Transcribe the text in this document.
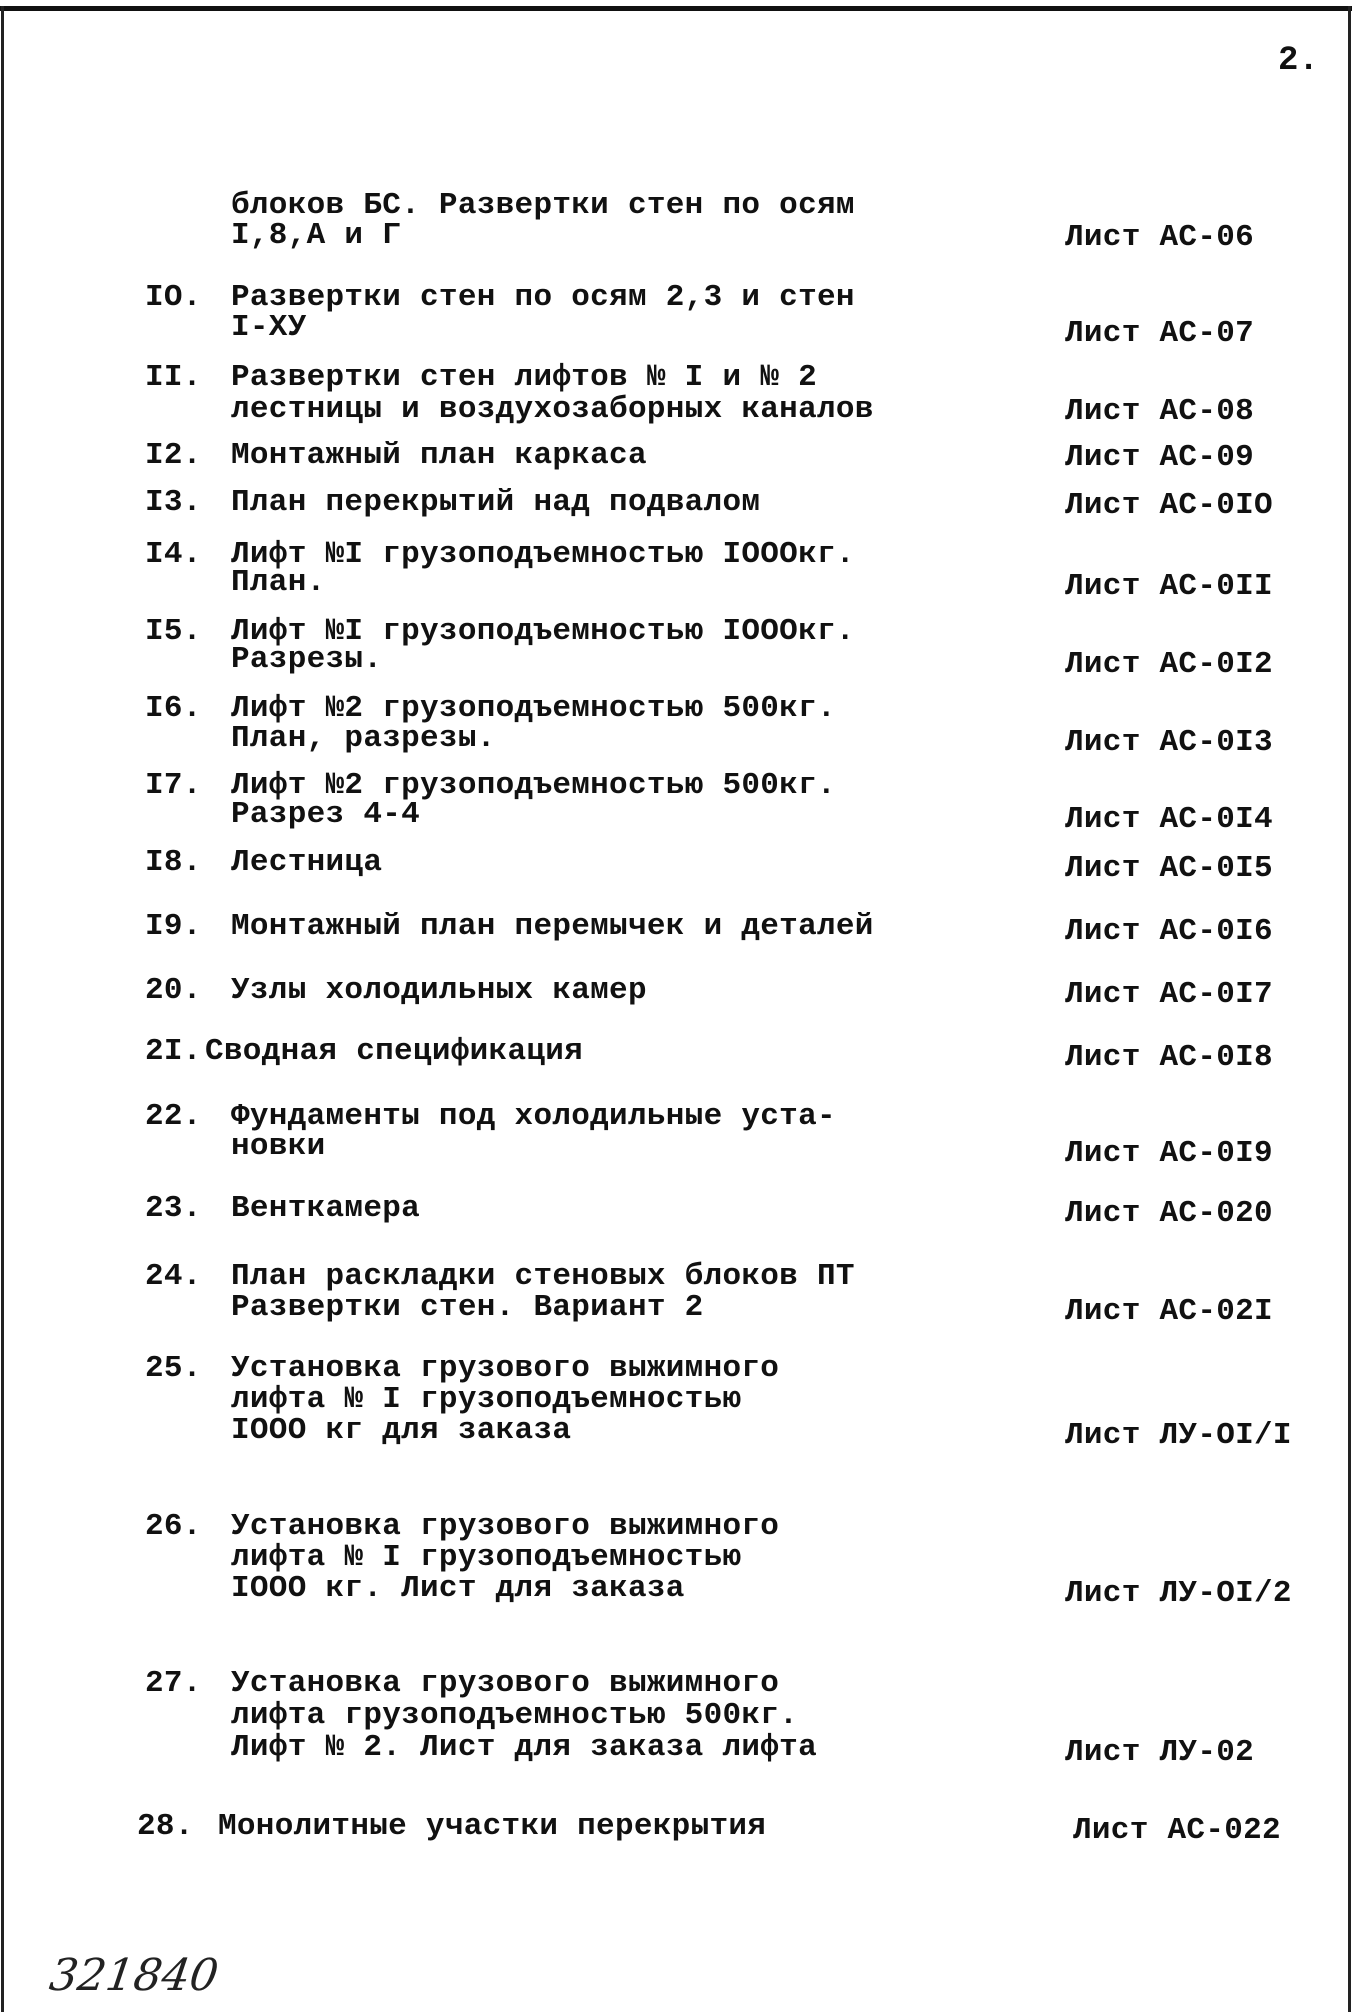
2.
блоков БС. Развертки стен по осям
I,8,А и Г	Лист АС-06
IO. Развертки стен по осям 2,3 и стен
I-ХУ	Лист АС-07
II. Развертки стен лифтов № I и № 2
лестницы и воздухозаборных каналов	Лист АС-08
I2. Монтажный план каркаса	Лист АС-09
I3. План перекрытий над подвалом	Лист АС-0IO
I4. Лифт №I грузоподъемностью IOOOкг.
План.	Лист АС-0II
I5. Лифт №I грузоподъемностью IOOOкг.
Разрезы.	Лист АС-0I2
I6. Лифт №2 грузоподъемностью 500кг.
План, разрезы.	Лист АС-0I3
I7. Лифт №2 грузоподъемностью 500кг.
Разрез 4-4	Лист АС-0I4
I8. Лестница	Лист АС-0I5
I9. Монтажный план перемычек и деталей	Лист АС-0I6
20. Узлы холодильных камер	Лист АС-0I7
2I. Сводная спецификация	Лист АС-0I8
22. Фундаменты под холодильные уста-
новки	Лист АС-0I9
23. Венткамера	Лист АС-020
24. План раскладки стеновых блоков ПТ
Развертки стен. Вариант 2	Лист АС-02I
25. Установка грузового выжимного
лифта № I грузоподъемностью
IOOO кг для заказа	Лист ЛУ-OI/I
26. Установка грузового выжимного
лифта № I грузоподъемностью
IOOO кг. Лист для заказа	Лист ЛУ-OI/2
27. Установка грузового выжимного
лифта грузоподъемностью 500кг.
Лифт № 2. Лист для заказа лифта	Лист ЛУ-02
28. Монолитные участки перекрытия	Лист АС-022
321840
